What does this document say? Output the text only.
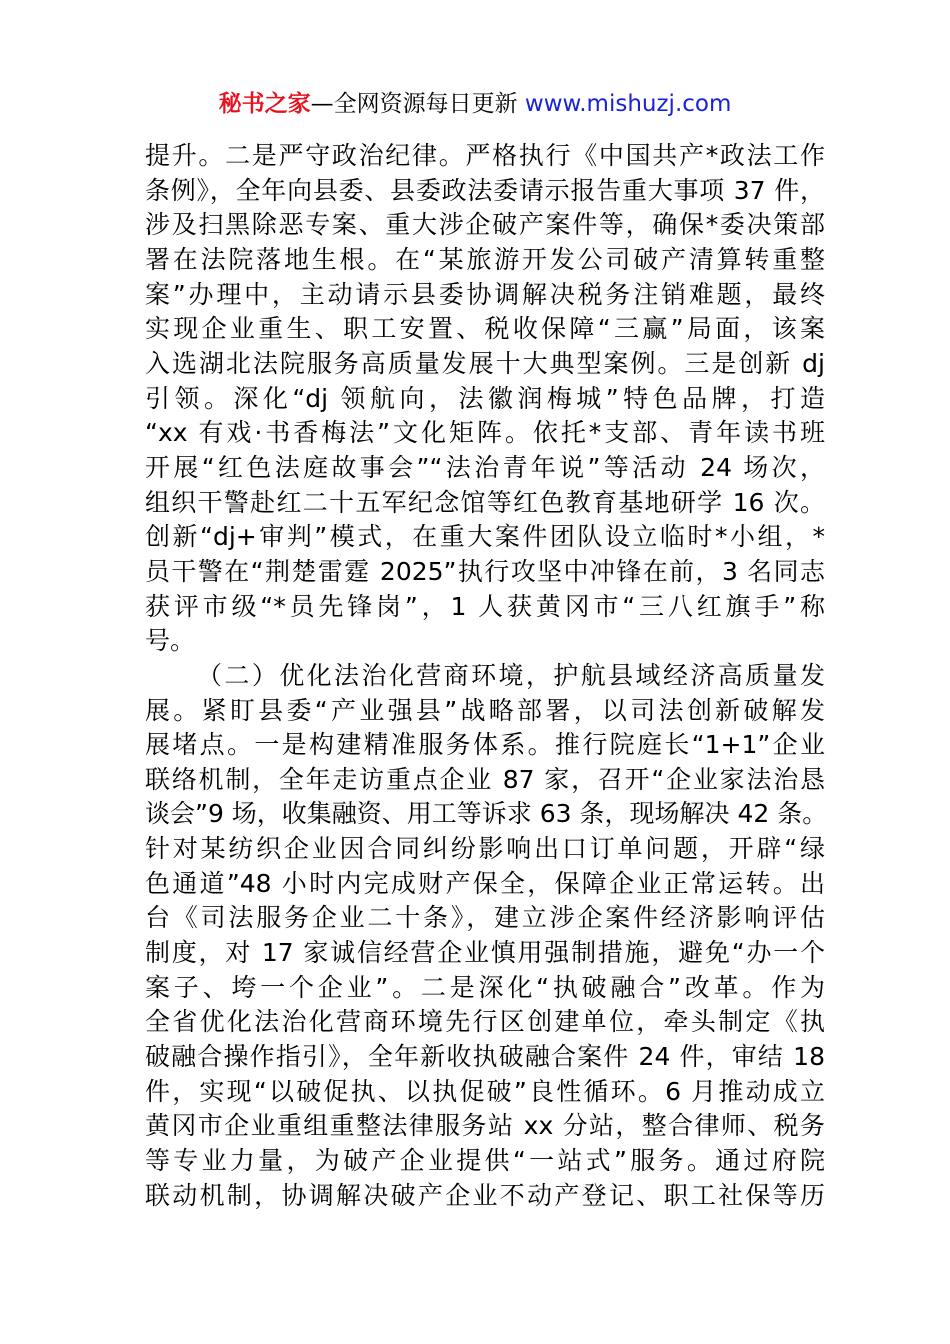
秘书之家—全网资源每日更新 www.mishuzj.com
提升。二是严守政治纪律。严格执行《中国共产*政法工作
条例》，全年向县委、县委政法委请示报告重大事项 37 件，
涉及扫黑除恶专案、重大涉企破产案件等，确保*委决策部
署在法院落地生根。在“某旅游开发公司破产清算转重整
案”办理中，主动请示县委协调解决税务注销难题，最终
实现企业重生、职工安置、税收保障“三赢”局面，该案
入选湖北法院服务高质量发展十大典型案例。三是创新 dj
引领。深化“dj 领航向，法徽润梅城”特色品牌，打造
“xx 有戏·书香梅法”文化矩阵。依托*支部、青年读书班
开展“红色法庭故事会”“法治青年说”等活动 24 场次，
组织干警赴红二十五军纪念馆等红色教育基地研学 16 次。
创新“dj+审判”模式，在重大案件团队设立临时*小组，*
员干警在“荆楚雷霆 2025”执行攻坚中冲锋在前，3 名同志
获评市级“*员先锋岗”，1 人获黄冈市“三八红旗手”称
号。
（二）优化法治化营商环境，护航县域经济高质量发
展。紧盯县委“产业强县”战略部署，以司法创新破解发
展堵点。一是构建精准服务体系。推行院庭长“1+1”企业
联络机制，全年走访重点企业 87 家，召开“企业家法治恳
谈会”9 场，收集融资、用工等诉求 63 条，现场解决 42 条。
针对某纺织企业因合同纠纷影响出口订单问题，开辟“绿
色通道”48 小时内完成财产保全，保障企业正常运转。出
台《司法服务企业二十条》，建立涉企案件经济影响评估
制度，对 17 家诚信经营企业慎用强制措施，避免“办一个
案子、垮一个企业”。二是深化“执破融合”改革。作为
全省优化法治化营商环境先行区创建单位，牵头制定《执
破融合操作指引》，全年新收执破融合案件 24 件，审结 18
件，实现“以破促执、以执促破”良性循环。6 月推动成立
黄冈市企业重组重整法律服务站 xx 分站，整合律师、税务
等专业力量，为破产企业提供“一站式”服务。通过府院
联动机制，协调解决破产企业不动产登记、职工社保等历
